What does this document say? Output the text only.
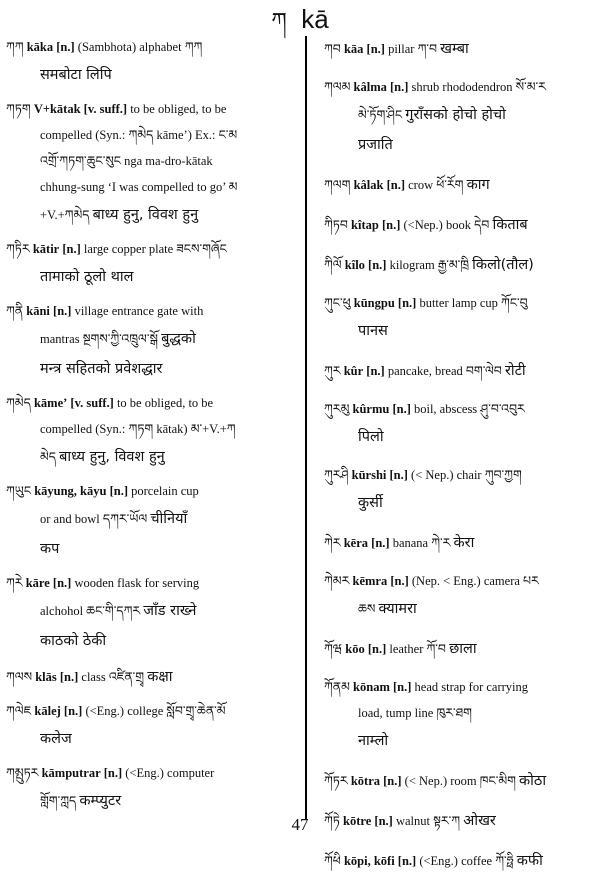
ཀ kā
ཀཀ kāka [n.] (Sambhota) alphabet ཀཀ
समबोटा लिपि
ཀཏག V+kātak [v. suff.] to be obliged, to be
compelled (Syn.: ཀམེད kāme’) Ex.: ང་མ
འགྲོ་ཀཏག་ཆུང་སུང nga ma-dro-kātak
chhung-sung ‘I was compelled to go’ མ
+V.+ཀམེད बाध्य हुनु, विवश हुनु
ཀཏིར kātir [n.] large copper plate ཟངས་གཞོང
तामाको ठूलो थाल
ཀནི kāni [n.] village entrance gate with
mantras སྔགས་ཀྱི་འཁྲུལ་སྒོ बुद्धको
मन्त्र सहितको प्रवेशद्धार
ཀམེད kāme’ [v. suff.] to be obliged, to be
compelled (Syn.: ཀཏག kātak) མ་+V.+ཀ
མེད बाध्य हुनु, विवश हुनु
ཀཡུང kāyung, kāyu [n.] porcelain cup
or and bowl དཀར་ཡོལ चीनियाँ
कप
ཀརེ kāre [n.] wooden flask for serving
alchohol ཆང་གི་དཀར जाँड राख्ने
काठको ठेकी
ཀལས klās [n.] class འཛིན་གྲྭ कक्षा
ཀལེཇ kālej [n.] (<Eng.) college སློབ་གྲྭ་ཆེན་མོ
कलेज
ཀམྤུཏར kāmputrar [n.] (<Eng.) computer
གློག་ཀླད कम्प्युटर
ཀབ kāa [n.] pillar ཀ་བ खम्बा
ཀལམ kâlma [n.] shrub rhododendron སོ་མ་ར
མེ་ཏོག་ཤིང गुराँसको होचो होचो
प्रजाति
ཀལག kâlak [n.] crow ཕོ་རོག काग
ཀིཏབ kîtap [n.] (<Nep.) book དེབ किताब
ཀིལོ kîlo [n.] kilogram རྒྱ་མ་ཁྲི किलो(तौल)
ཀུང་ཕུ kūngpu [n.] butter lamp cup ཀོང་བུ
पानस
ཀུར kûr [n.] pancake, bread བག་ལེབ रोटी
ཀུརམུ kûrmu [n.] boil, abscess ཤུ་བ་འབུར
पिलो
ཀུརཤི kūrshi [n.] (< Nep.) chair ཀུབ་ཀྱག
कुर्सी
ཀེར kēra [n.] banana ཀེ་ར केरा
ཀེམར kēmra [n.] (Nep. < Eng.) camera པར
ཆས क्यामरा
ཀོཝ kōo [n.] leather ཀོ་བ छाला
ཀོནམ kōnam [n.] head strap for carrying
load, tump line ཁུར་ཐག
नाम्लो
ཀོཏར kōtra [n.] (< Nep.) room ཁང་མིག कोठा
ཀོཏེ kōtre [n.] walnut སྟར་ཀ ओखर
ཀོཕི kōpi, kōfi [n.] (<Eng.) coffee ཀོ་ཧྥི कफी
47
